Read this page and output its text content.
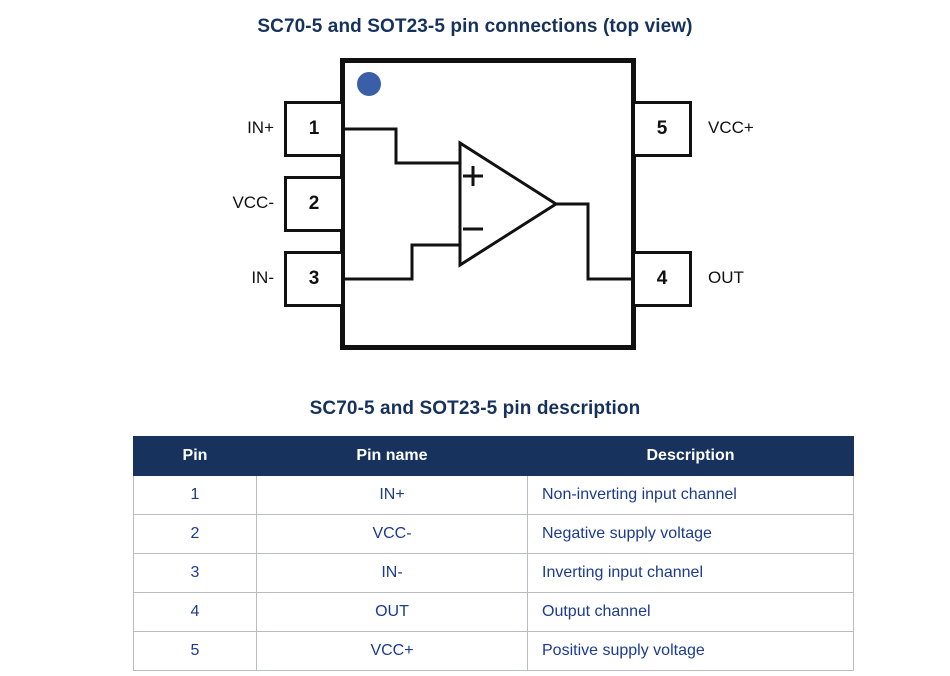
SC70-5 and SOT23-5 pin connections (top view)
1
2
3
5
4
IN+
VCC-
IN-
VCC+
OUT
SC70-5 and SOT23-5 pin description
Pin	Pin name	Description
1	IN+	Non-inverting input channel
2	VCC-	Negative supply voltage
3	IN-	Inverting input channel
4	OUT	Output channel
5	VCC+	Positive supply voltage
